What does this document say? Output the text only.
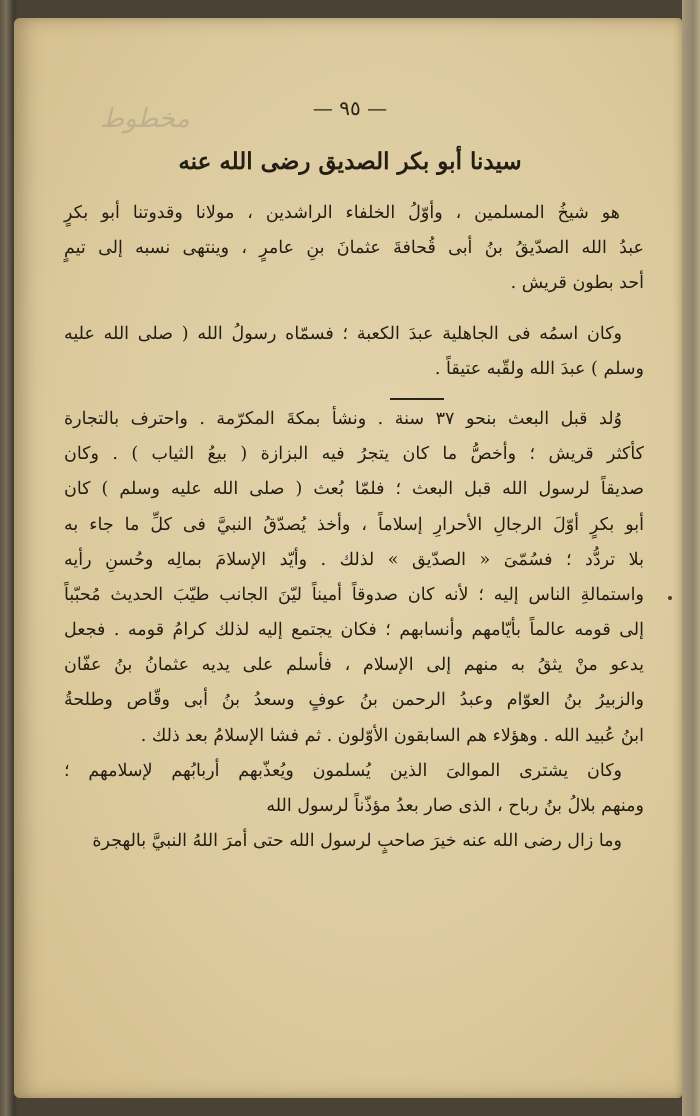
مخطوط	— ٩٥ —
سيدنا أبو بكر الصديق رضى الله عنه
هو شيخُ المسلمين ، وأوّلُ الخلفاء الراشدين ، مولانا وقدوتنا أبو بكرٍ
عبدُ الله الصدّيقُ بنُ أبى قُحافةَ عثمانَ بنِ عامرٍ ، وينتهى نسبه إلى تيمٍ
أحد بطون قريش .
وكان اسمُه فى الجاهلية عبدَ الكعبة ؛ فسمّاه رسولُ الله ( صلى الله عليه
وسلم ) عبدَ الله ولقّبه عتيقاً .
وُلد قبل البعث بنحو ٣٧ سنة . ونشأ بمكةَ المكرّمة . واحترف بالتجارة
كأكثر قريش ؛ وأخصُّ ما كان يتجرُ فيه البزازة ( بيعُ الثياب ) . وكان
صديقاً لرسول الله قبل البعث ؛ فلمّا بُعث ( صلى الله عليه وسلم ) كان
أبو بكرٍ أوّلَ الرجالِ الأحرارِ إسلاماً ، وأخذ يُصدّقُ النبيَّ فى كلِّ ما جاء به
بلا تردُّد ؛ فسُمّىَ « الصدّيق » لذلك . وأيّد الإسلامَ بمالِه وحُسنِ رأيه
واستمالةِ الناس إليه ؛ لأنه كان صدوقاً أميناً ليّنَ الجانب طيّبَ الحديث مُحبّباً
إلى قومه عالماً بأيّامهم وأنسابهم ؛ فكان يجتمع إليه لذلك كرامُ قومه . فجعل
يدعو منْ يثقُ به منهم إلى الإسلام ، فأسلم على يديه عثمانُ بنُ عفّان
والزبيرُ بنُ العوّام وعبدُ الرحمن بنُ عوفٍ وسعدُ بنُ أبى وقّاص وطلحةُ
ابنُ عُبيد الله . وهؤلاء هم السابقون الأوّلون . ثم فشا الإسلامُ بعد ذلك .
وكان يشترى الموالىَ الذين يُسلمون ويُعذّبهم أربابُهم لإسلامهم ؛
ومنهم بلالُ بنُ رباح ، الذى صار بعدُ مؤذّناً لرسول الله
وما زال رضى الله عنه خيرَ صاحبٍ لرسول الله حتى أمرَ اللهُ النبيَّ بالهجرة
